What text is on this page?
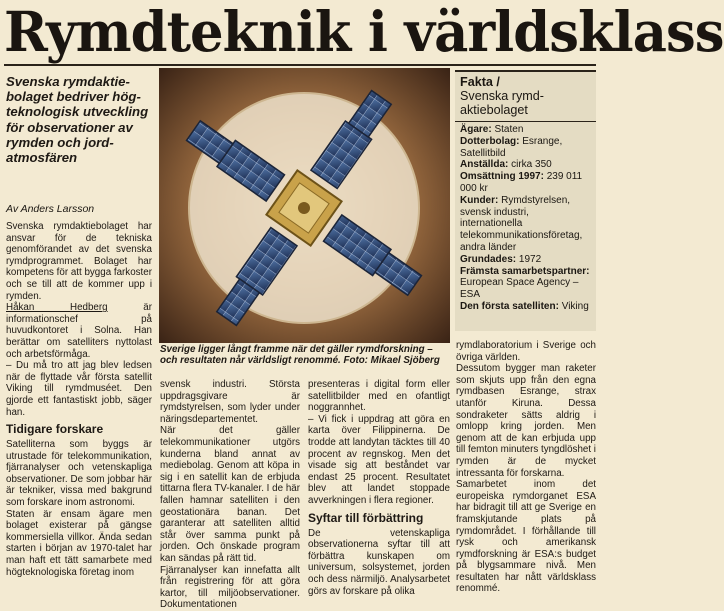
Rymdteknik i världsklass
Svenska rymdaktiebolaget bedriver högteknologisk utveckling för observationer av rymden och jordatmosfären
Av Anders Larsson

Svenska rymdaktiebolaget har ansvar för de tekniska genomförandet av det svenska rymdprogrammet. Bolaget har kompetens för att bygga farkoster och se till att de kommer upp i rymden.

Håkan Hedberg är informationschef på huvudkontoret i Solna. Han berättar om satelliters nyttolast och arbetsförmåga.

– Du må tro att jag blev ledsen när de flyttade vår första satellit Viking till rymdmuséet. Den gjorde ett fantastiskt jobb, säger han.

Tidigare forskare

Satelliterna som byggs är utrustade för telekommunikation, fjärranalyser och vetenskapliga observationer. De som jobbar här är tekniker, vissa med bakgrund som forskare inom astronomi.

Staten är ensam ägare men bolaget existerar på gängse kommersiella villkor. Ända sedan starten i början av 1970-talet har man haft ett tätt samarbete med högteknologiska företag inom

Sverige ligger långt framme när det gäller rymdforskning – och resultaten når världsligt renommé. Foto: Mikael Sjöberg

svensk industri. Största uppdragsgivare är rymdstyrelsen, som lyder under näringsdepartementet.

När det gäller telekommunikationer utgörs kunderna bland annat av mediebolag. Genom att köpa in sig i en satellit kan de erbjuda tittarna flera TV-kanaler. I de här fallen hamnar satelliten i den geostationära banan. Det garanterar att satelliten alltid står över samma punkt på jorden. Och önskade program kan sändas på rätt tid.

Fjärranalyser kan innefatta allt från registrering för att göra kartor, till miljöobservationer. Dokumentationen

presenteras i digital form eller satellitbilder med en ofantligt noggrannhet.

– Vi fick i uppdrag att göra en karta över Filippinerna. De trodde att landytan täcktes till 40 procent av regnskog. Men det visade sig att beståndet var endast 25 procent. Resultatet blev att landet stoppade avverkningen i flera regioner.

Syftar till förbättring

De vetenskapliga observationerna syftar till att förbättra kunskapen om universum, solsystemet, jorden och dess närmiljö. Analysarbetet görs av forskare på olika

rymdlaboratorium i Sverige och övriga världen.

Dessutom bygger man raketer som skjuts upp från den egna rymdbasen Esrange, strax utanför Kiruna. Dessa sondraketer sätts aldrig i omlopp kring jorden. Men genom att de kan erbjuda upp till femton minuters tyngdlöshet i rymden är de mycket intressanta för forskarna.

Samarbetet inom det europeiska rymdorganet ESA har bidragit till att ge Sverige en framskjutande plats på rymdområdet. I förhållande till rysk och amerikansk rymdforskning är ESA:s budget på blygsammare nivå. Men resultaten har nått världsklass renommé.

Fakta /
Svenska rymdaktiebolaget
Ägare: Staten
Dotterbolag: Esrange, Satellitbild
Anställda: cirka 350
Omsättning 1997: 239 011 000 kr
Kunder: Rymdstyrelsen, svensk industri, internationella telekommunikationsföretag, andra länder
Grundades: 1972
Främsta samarbetspartner: European Space Agency – ESA
Den första satelliten: Viking
